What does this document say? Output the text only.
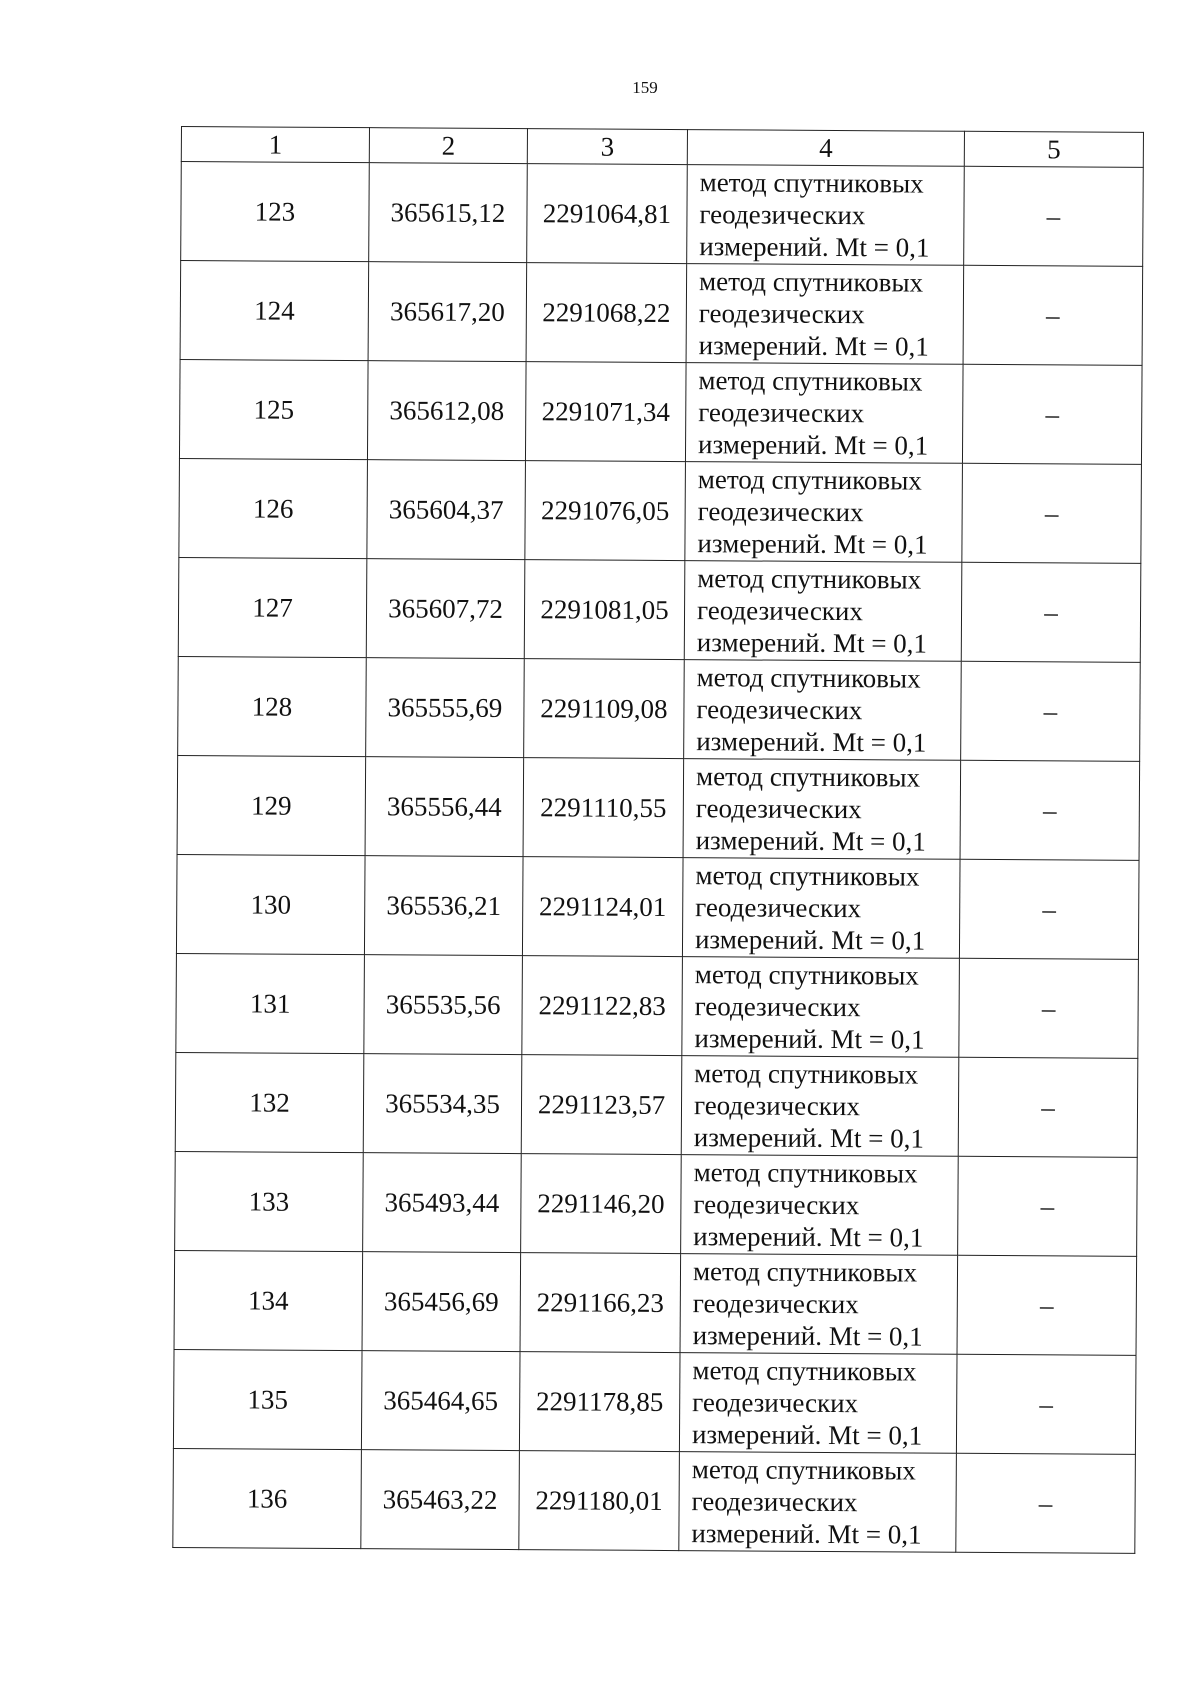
159
1	2	3	4	5
123	365615,12	2291064,81	метод спутниковых
геодезических
измерений. Mt = 0,1	–
124	365617,20	2291068,22	метод спутниковых
геодезических
измерений. Mt = 0,1	–
125	365612,08	2291071,34	метод спутниковых
геодезических
измерений. Mt = 0,1	–
126	365604,37	2291076,05	метод спутниковых
геодезических
измерений. Mt = 0,1	–
127	365607,72	2291081,05	метод спутниковых
геодезических
измерений. Mt = 0,1	–
128	365555,69	2291109,08	метод спутниковых
геодезических
измерений. Mt = 0,1	–
129	365556,44	2291110,55	метод спутниковых
геодезических
измерений. Mt = 0,1	–
130	365536,21	2291124,01	метод спутниковых
геодезических
измерений. Mt = 0,1	–
131	365535,56	2291122,83	метод спутниковых
геодезических
измерений. Mt = 0,1	–
132	365534,35	2291123,57	метод спутниковых
геодезических
измерений. Mt = 0,1	–
133	365493,44	2291146,20	метод спутниковых
геодезических
измерений. Mt = 0,1	–
134	365456,69	2291166,23	метод спутниковых
геодезических
измерений. Mt = 0,1	–
135	365464,65	2291178,85	метод спутниковых
геодезических
измерений. Mt = 0,1	–
136	365463,22	2291180,01	метод спутниковых
геодезических
измерений. Mt = 0,1	–
